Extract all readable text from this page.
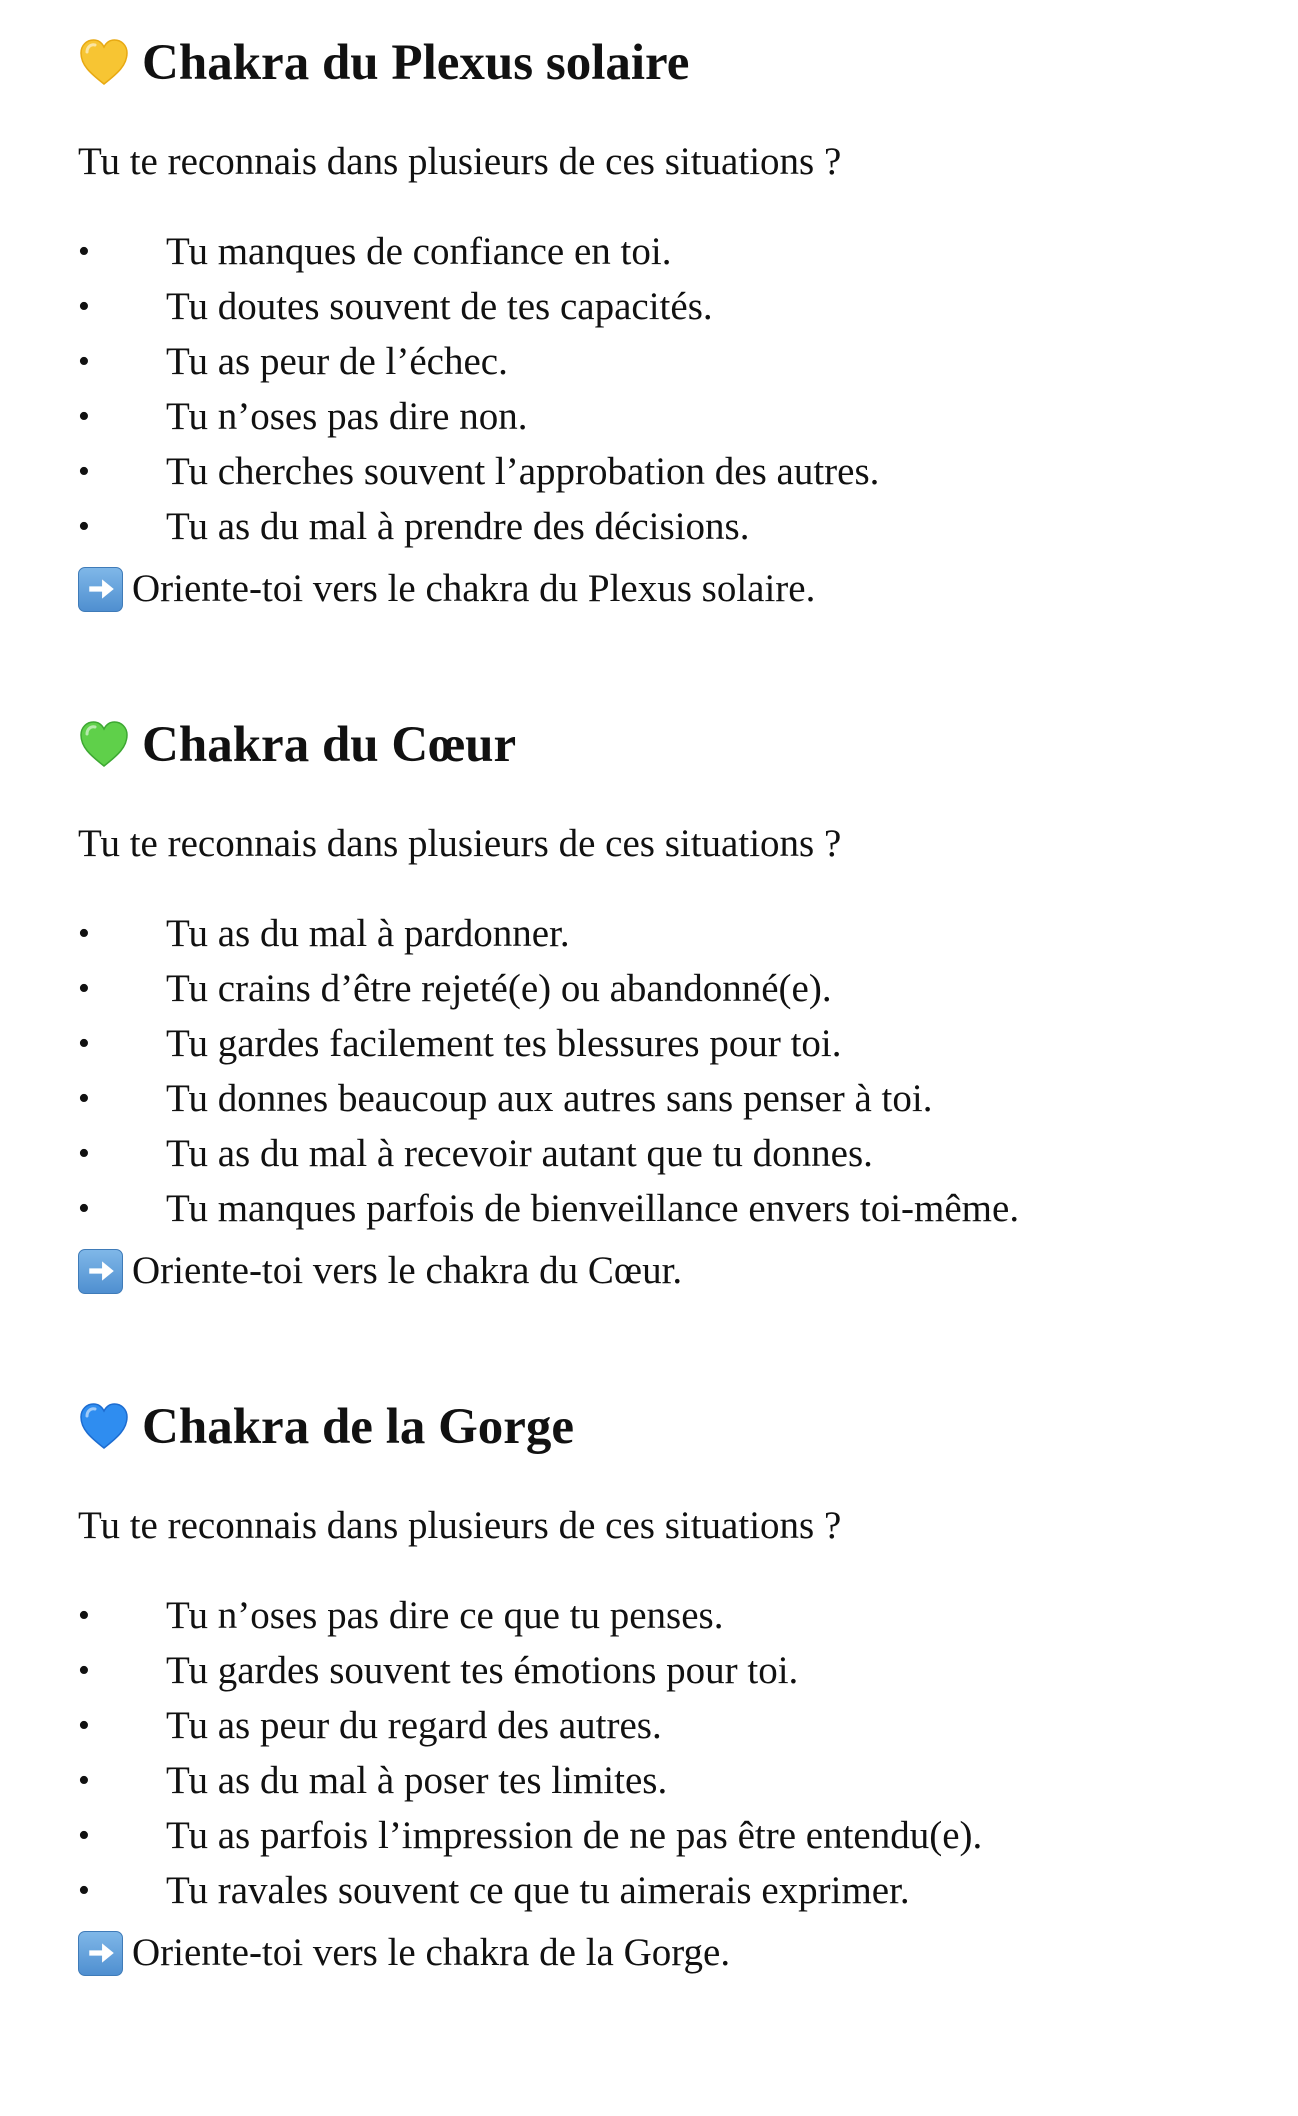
Chakra du Plexus solaire

Tu te reconnais dans plusieurs de ces situations ?

• Tu manques de confiance en toi.
• Tu doutes souvent de tes capacités.
• Tu as peur de l’échec.
• Tu n’oses pas dire non.
• Tu cherches souvent l’approbation des autres.
• Tu as du mal à prendre des décisions.

Oriente-toi vers le chakra du Plexus solaire.

Chakra du Cœur

Tu te reconnais dans plusieurs de ces situations ?

• Tu as du mal à pardonner.
• Tu crains d’être rejeté(e) ou abandonné(e).
• Tu gardes facilement tes blessures pour toi.
• Tu donnes beaucoup aux autres sans penser à toi.
• Tu as du mal à recevoir autant que tu donnes.
• Tu manques parfois de bienveillance envers toi-même.

Oriente-toi vers le chakra du Cœur.

Chakra de la Gorge

Tu te reconnais dans plusieurs de ces situations ?

• Tu n’oses pas dire ce que tu penses.
• Tu gardes souvent tes émotions pour toi.
• Tu as peur du regard des autres.
• Tu as du mal à poser tes limites.
• Tu as parfois l’impression de ne pas être entendu(e).
• Tu ravales souvent ce que tu aimerais exprimer.

Oriente-toi vers le chakra de la Gorge.
